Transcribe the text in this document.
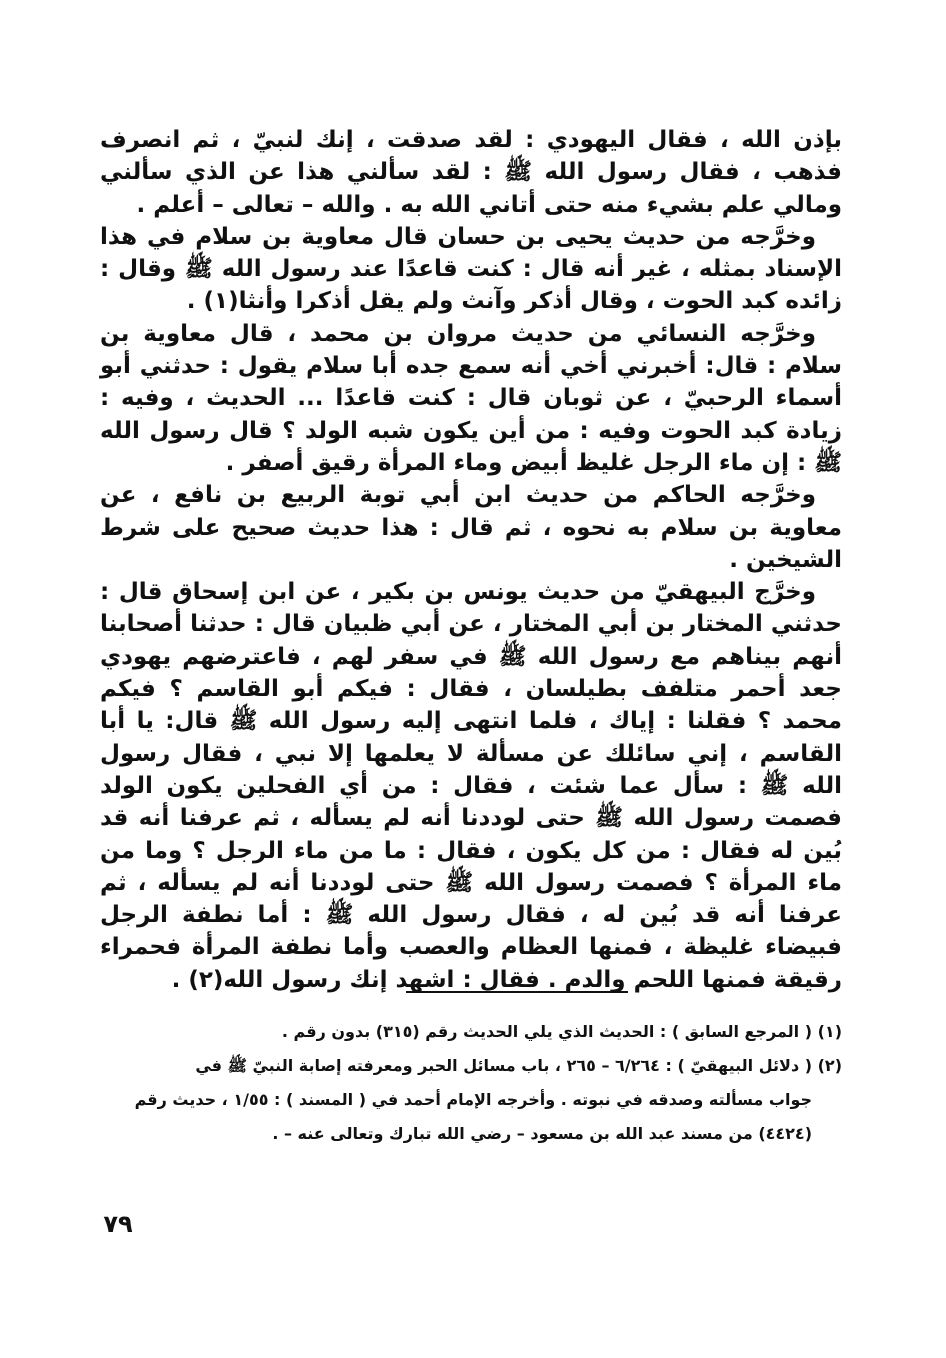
بإذن الله ، فقال اليهودي : لقد صدقت ، إنك لنبيّ ، ثم انصرف فذهب ، فقال رسول الله ﷺ : لقد سألني هذا عن الذي سألني ومالي علم بشيء منه حتى أتاني الله به . والله – تعالى – أعلم .

وخرَّجه من حديث يحيى بن حسان قال معاوية بن سلام في هذا الإسناد بمثله ، غير أنه قال : كنت قاعدًا عند رسول الله ﷺ وقال : زائده كبد الحوت ، وقال أذكر وآنث ولم يقل أذكرا وأنثا(١) .

وخرَّجه النسائي من حديث مروان بن محمد ، قال معاوية بن سلام : قال: أخبرني أخي أنه سمع جده أبا سلام يقول : حدثني أبو أسماء الرحبيّ ، عن ثوبان قال : كنت قاعدًا ... الحديث ، وفيه : زيادة كبد الحوت وفيه : من أين يكون شبه الولد ؟ قال رسول الله ﷺ : إن ماء الرجل غليظ أبيض وماء المرأة رقيق أصفر .

وخرَّجه الحاكم من حديث ابن أبي توبة الربيع بن نافع ، عن معاوية بن سلام به نحوه ، ثم قال : هذا حديث صحيح على شرط الشيخين .

وخرَّج البيهقيّ من حديث يونس بن بكير ، عن ابن إسحاق قال : حدثني المختار بن أبي المختار ، عن أبي ظبيان قال : حدثنا أصحابنا أنهم بيناهم مع رسول الله ﷺ في سفر لهم ، فاعترضهم يهودي جعد أحمر متلفف بطيلسان ، فقال : فيكم أبو القاسم ؟ فيكم محمد ؟ فقلنا : إياك ، فلما انتهى إليه رسول الله ﷺ قال: يا أبا القاسم ، إني سائلك عن مسألة لا يعلمها إلا نبي ، فقال رسول الله ﷺ : سأل عما شئت ، فقال : من أي الفحلين يكون الولد فصمت رسول الله ﷺ حتى لوددنا أنه لم يسأله ، ثم عرفنا أنه قد بُين له فقال : من كل يكون ، فقال : ما من ماء الرجل ؟ وما من ماء المرأة ؟ فصمت رسول الله ﷺ حتى لوددنا أنه لم يسأله ، ثم عرفنا أنه قد بُين له ، فقال رسول الله ﷺ : أما نطفة الرجل فبيضاء غليظة ، فمنها العظام والعصب وأما نطفة المرأة فحمراء رقيقة فمنها اللحم والدم . فقال : اشهد إنك رسول الله(٢) .

(١) ( المرجع السابق ) : الحديث الذي يلي الحديث رقم (٣١٥) بدون رقم .

(٢) ( دلائل البيهقيّ ) : ٦/٢٦٤ – ٢٦٥ ، باب مسائل الحبر ومعرفته إصابة النبيّ ﷺ في

جواب مسألته وصدقه في نبوته . وأخرجه الإمام أحمد في ( المسند ) : ١/٥٥ ، حديث رقم

(٤٤٢٤) من مسند عبد الله بن مسعود – رضي الله تبارك وتعالى عنه – .

٧٩
